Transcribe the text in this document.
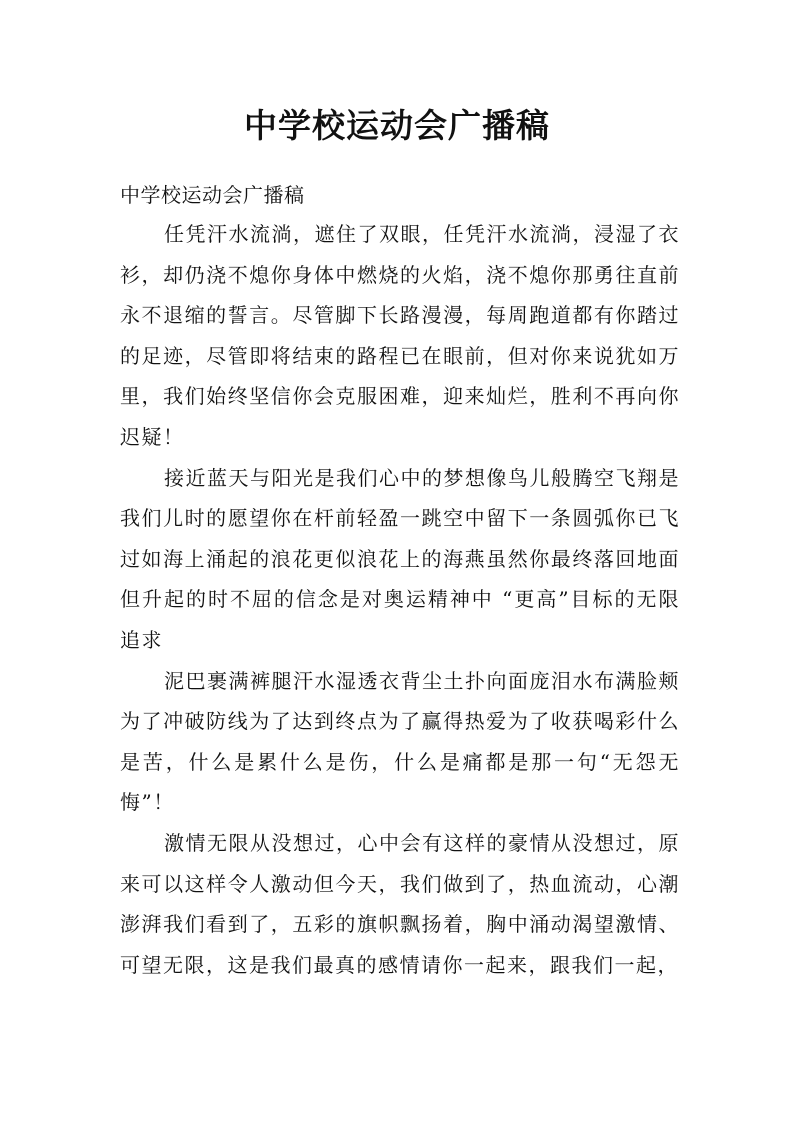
中学校运动会广播稿

中学校运动会广播稿

任凭汗水流淌，遮住了双眼，任凭汗水流淌，浸湿了衣衫，却仍浇不熄你身体中燃烧的火焰，浇不熄你那勇往直前永不退缩的誓言。尽管脚下长路漫漫，每周跑道都有你踏过的足迹，尽管即将结束的路程已在眼前，但对你来说犹如万里，我们始终坚信你会克服困难，迎来灿烂，胜利不再向你迟疑！

接近蓝天与阳光是我们心中的梦想像鸟儿般腾空飞翔是我们儿时的愿望你在杆前轻盈一跳空中留下一条圆弧你已飞过如海上涌起的浪花更似浪花上的海燕虽然你最终落回地面但升起的时不屈的信念是对奥运精神中 “更高”目标的无限追求

泥巴裹满裤腿汗水湿透衣背尘土扑向面庞泪水布满脸颊为了冲破防线为了达到终点为了赢得热爱为了收获喝彩什么是苦，什么是累什么是伤，什么是痛都是那一句“无怨无悔”！

激情无限从没想过，心中会有这样的豪情从没想过，原来可以这样令人激动但今天，我们做到了，热血流动，心潮澎湃我们看到了，五彩的旗帜飘扬着，胸中涌动渴望激情、可望无限，这是我们最真的感情请你一起来，跟我们一起，
